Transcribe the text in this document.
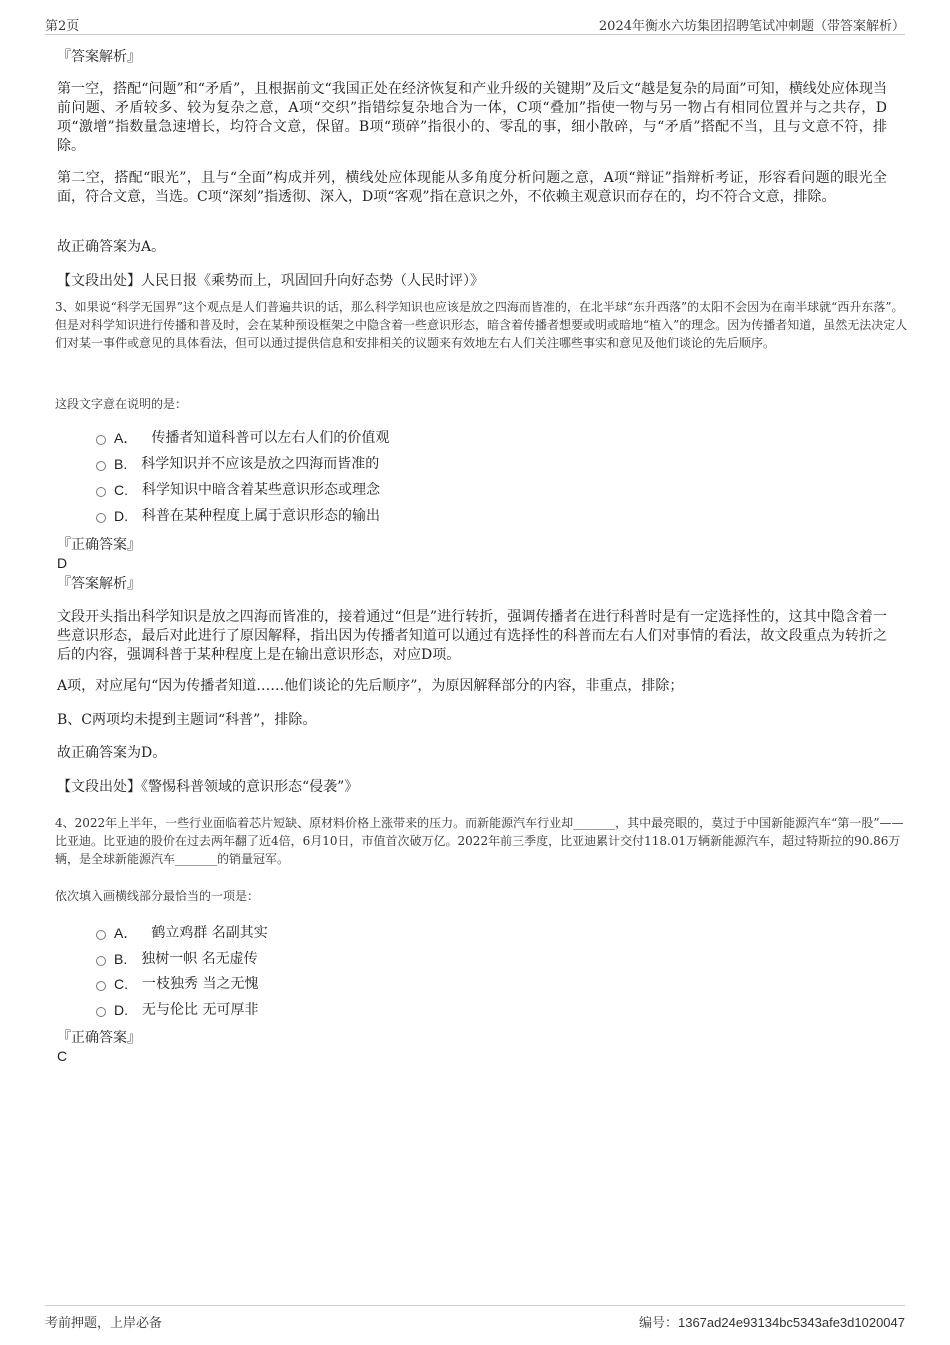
第2页	2024年衡水六坊集团招聘笔试冲刺题（带答案解析）
『答案解析』

第一空，搭配“问题”和“矛盾”，且根据前文“我国正处在经济恢复和产业升级的关键期”及后文“越是复杂的局面”可知，横线处应体现当前问题、矛盾较多、较为复杂之意，A项“交织”指错综复杂地合为一体，C项“叠加”指使一物与另一物占有相同位置并与之共存，D项“激增”指数量急速增长，均符合文意，保留。B项“琐碎”指很小的、零乱的事，细小散碎，与“矛盾”搭配不当，且与文意不符，排除。

第二空，搭配“眼光”，且与“全面”构成并列，横线处应体现能从多角度分析问题之意，A项“辩证”指辩析考证，形容看问题的眼光全面，符合文意，当选。C项“深刻”指透彻、深入，D项“客观”指在意识之外，不依赖主观意识而存在的，均不符合文意，排除。

故正确答案为A。
【文段出处】人民日报《乘势而上，巩固回升向好态势（人民时评）》

3、如果说“科学无国界”这个观点是人们普遍共识的话，那么科学知识也应该是放之四海而皆准的，在北半球“东升西落”的太阳不会因为在南半球就“西升东落”。但是对科学知识进行传播和普及时，会在某种预设框架之中隐含着一些意识形态，暗含着传播者想要或明或暗地“植入”的理念。因为传播者知道，虽然无法决定人们对某一事件或意见的具体看法，但可以通过提供信息和安排相关的议题来有效地左右人们关注哪些事实和意见及他们谈论的先后顺序。

这段文字意在说明的是：
A． 传播者知道科普可以左右人们的价值观
B. 科学知识并不应该是放之四海而皆准的
C. 科学知识中暗含着某些意识形态或理念
D. 科普在某种程度上属于意识形态的输出
『正确答案』
D
『答案解析』

文段开头指出科学知识是放之四海而皆准的，接着通过“但是”进行转折，强调传播者在进行科普时是有一定选择性的，这其中隐含着一些意识形态，最后对此进行了原因解释，指出因为传播者知道可以通过有选择性的科普而左右人们对事情的看法，故文段重点为转折之后的内容，强调科普于某种程度上是在输出意识形态，对应D项。

A项，对应尾句“因为传播者知道……他们谈论的先后顺序”，为原因解释部分的内容，非重点，排除；

B、C两项均未提到主题词“科普”，排除。

故正确答案为D。
【文段出处】《警惕科普领域的意识形态“侵袭”》

4、2022年上半年，一些行业面临着芯片短缺、原材料价格上涨带来的压力。而新能源汽车行业却_______，其中最亮眼的，莫过于中国新能源汽车“第一股”——比亚迪。比亚迪的股价在过去两年翻了近4倍，6月10日，市值首次破万亿。2022年前三季度，比亚迪累计交付118.01万辆新能源汽车，超过特斯拉的90.86万辆，是全球新能源汽车_______的销量冠军。

依次填入画横线部分最恰当的一项是：
A． 鹤立鸡群 名副其实
B. 独树一帜 名无虚传
C. 一枝独秀 当之无愧
D. 无与伦比 无可厚非
『正确答案』
C
考前押题，上岸必备	编号：1367ad24e93134bc5343afe3d1020047
